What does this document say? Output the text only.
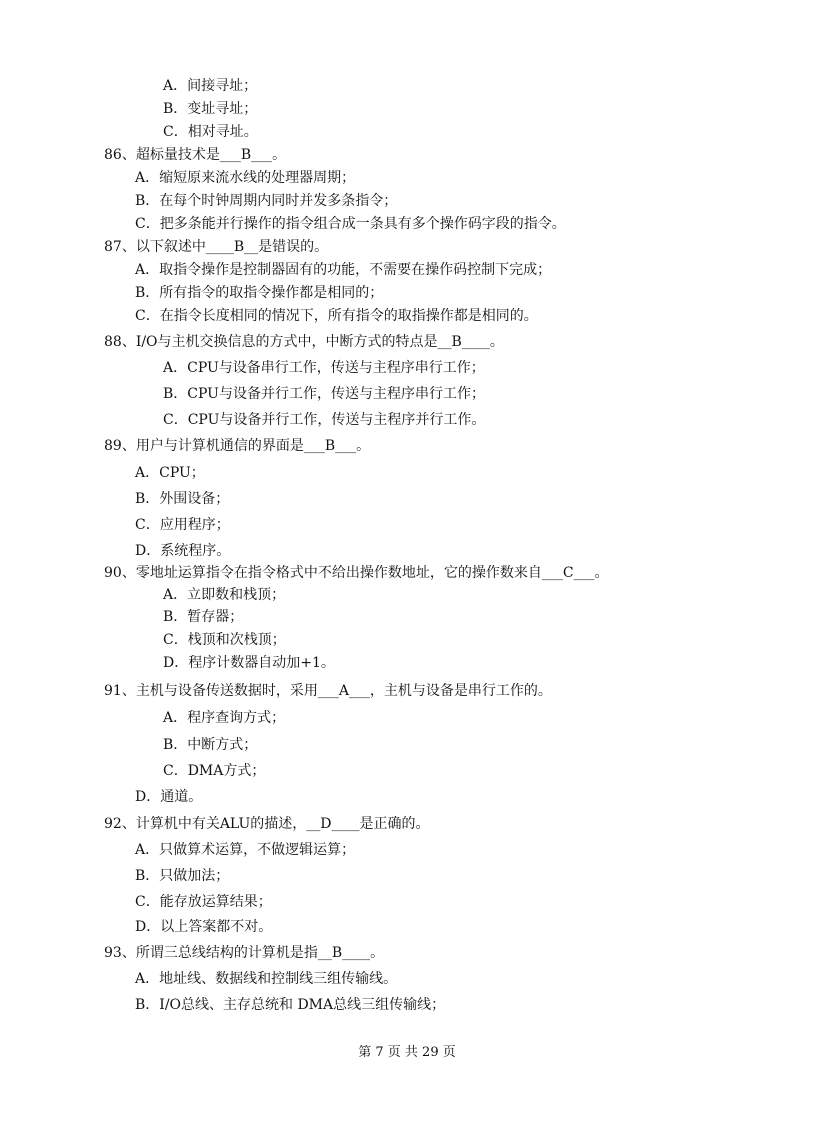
A．间接寻址；
B．变址寻址；
C．相对寻址。
86、超标量技术是___B___。
A．缩短原来流水线的处理器周期；
B．在每个时钟周期内同时并发多条指令；
C．把多条能并行操作的指令组合成一条具有多个操作码字段的指令。
87、以下叙述中____B__是错误的。
A．取指令操作是控制器固有的功能，不需要在操作码控制下完成；
B．所有指令的取指令操作都是相同的；
C．在指令长度相同的情况下，所有指令的取指操作都是相同的。
88、I/O与主机交换信息的方式中，中断方式的特点是__B____。
A．CPU与设备串行工作，传送与主程序串行工作；
B．CPU与设备并行工作，传送与主程序串行工作；
C．CPU与设备并行工作，传送与主程序并行工作。
89、用户与计算机通信的界面是___B___。
A．CPU；
B．外围设备；
C．应用程序；
D．系统程序。
90、零地址运算指令在指令格式中不给出操作数地址，它的操作数来自___C___。
A．立即数和栈顶；
B．暂存器；
C．栈顶和次栈顶；
D．程序计数器自动加+1。
91、主机与设备传送数据时，采用___A___，主机与设备是串行工作的。
A．程序查询方式；
B．中断方式；
C．DMA方式；
D．通道。
92、计算机中有关ALU的描述，__D____是正确的。
A．只做算术运算，不做逻辑运算；
B．只做加法；
C．能存放运算结果；
D．以上答案都不对。
93、所谓三总线结构的计算机是指__B____。
A．地址线、数据线和控制线三组传输线。
B．I/O总线、主存总统和 DMA总线三组传输线；
第 7 页 共 29 页
